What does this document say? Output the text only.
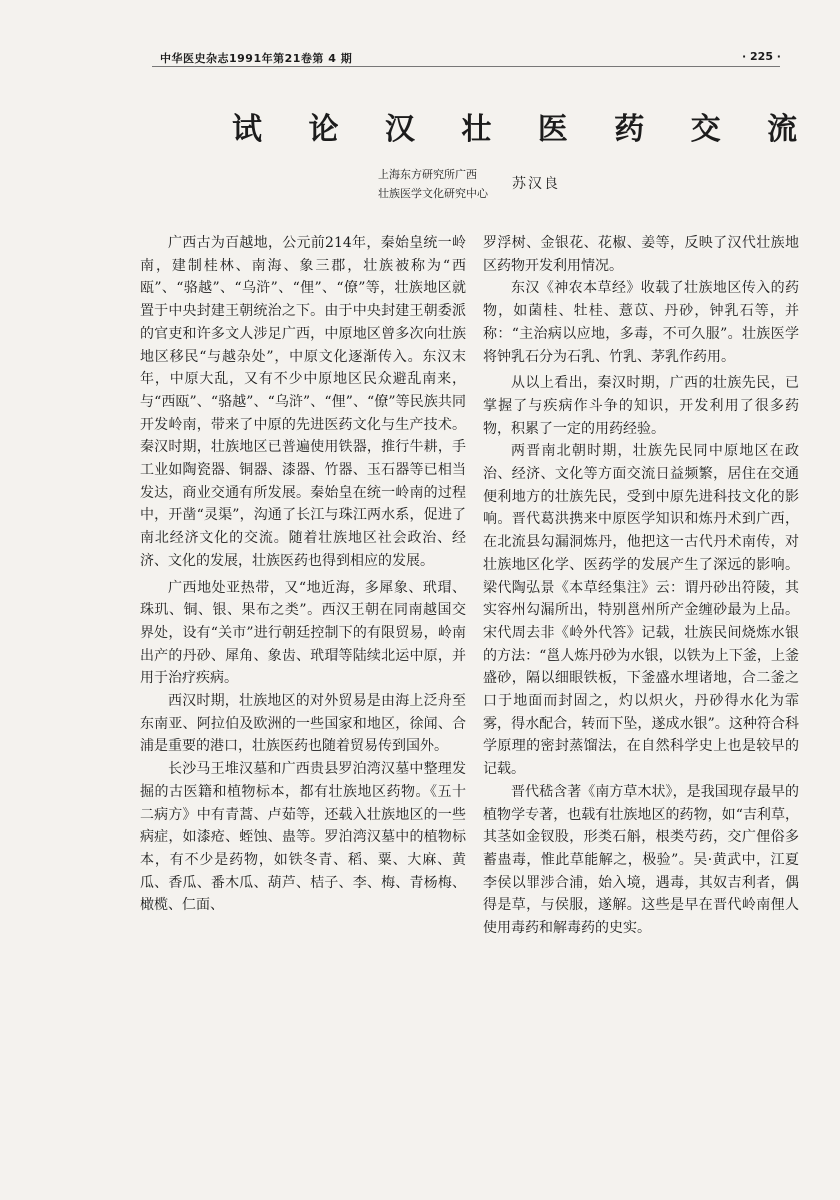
中华医史杂志1991年第21卷第 4 期	· 225 ·
试 论 汉 壮 医 药 交 流
上海东方研究所广西
壮族医学文化研究中心
苏汉良

广西古为百越地，公元前214年，秦始皇统一岭南，建制桂林、南海、象三郡，壮族被称为“西瓯”、“骆越”、“乌浒”、“俚”、“僚”等，壮族地区就置于中央封建王朝统治之下。由于中央封建王朝委派的官吏和许多文人涉足广西，中原地区曾多次向壮族地区移民“与越杂处”，中原文化逐渐传入。东汉末年，中原大乱，又有不少中原地区民众避乱南来，与“西瓯”、“骆越”、“乌浒”、“俚”、“僚”等民族共同开发岭南，带来了中原的先进医药文化与生产技术。秦汉时期，壮族地区已普遍使用铁器，推行牛耕，手工业如陶瓷器、铜器、漆器、竹器、玉石器等已相当发达，商业交通有所发展。秦始皇在统一岭南的过程中，开凿“灵渠”，沟通了长江与珠江两水系，促进了南北经济文化的交流。随着壮族地区社会政治、经济、文化的发展，壮族医药也得到相应的发展。

广西地处亚热带，又“地近海，多犀象、玳瑁、珠玑、铜、银、果布之类”。西汉王朝在同南越国交界处，设有“关市”进行朝廷控制下的有限贸易，岭南出产的丹砂、犀角、象齿、玳瑁等陆续北运中原，并用于治疗疾病。

西汉时期，壮族地区的对外贸易是由海上泛舟至东南亚、阿拉伯及欧洲的一些国家和地区，徐闻、合浦是重要的港口，壮族医药也随着贸易传到国外。

长沙马王堆汉墓和广西贵县罗泊湾汉墓中整理发掘的古医籍和植物标本，都有壮族地区药物。《五十二病方》中有青蒿、卢茹等，还载入壮族地区的一些病症，如漆疮、蛭蚀、蛊等。罗泊湾汉墓中的植物标本，有不少是药物，如铁冬青、稻、粟、大麻、黄瓜、香瓜、番木瓜、葫芦、桔子、李、梅、青杨梅、橄榄、仁面、

罗浮树、金银花、花椒、姜等，反映了汉代壮族地区药物开发利用情况。

东汉《神农本草经》收载了壮族地区传入的药物，如菌桂、牡桂、薏苡、丹砂，钟乳石等，并称：“主治病以应地，多毒，不可久服”。壮族医学将钟乳石分为石乳、竹乳、茅乳作药用。

从以上看出，秦汉时期，广西的壮族先民，已掌握了与疾病作斗争的知识，开发利用了很多药物，积累了一定的用药经验。

两晋南北朝时期，壮族先民同中原地区在政治、经济、文化等方面交流日益频繁，居住在交通便利地方的壮族先民，受到中原先进科技文化的影响。晋代葛洪携来中原医学知识和炼丹术到广西，在北流县勾漏洞炼丹，他把这一古代丹术南传，对壮族地区化学、医药学的发展产生了深远的影响。梁代陶弘景《本草经集注》云：谓丹砂出符陵，其实容州勾漏所出，特别邕州所产金缠砂最为上品。宋代周去非《岭外代答》记载，壮族民间烧炼水银的方法：“邕人炼丹砂为水银，以铁为上下釜，上釜盛砂，隔以细眼铁板，下釜盛水埋诸地，合二釜之口于地面而封固之，灼以炽火，丹砂得水化为霏雾，得水配合，转而下坠，遂成水银”。这种符合科学原理的密封蒸馏法，在自然科学史上也是较早的记载。

晋代嵇含著《南方草木状》，是我国现存最早的植物学专著，也载有壮族地区的药物，如“吉利草，其茎如金钗股，形类石斛，根类芍药，交广俚俗多蓄蛊毒，惟此草能解之，极验”。吴·黄武中，江夏李侯以罪涉合浦，始入境，遇毒，其奴吉利者，偶得是草，与侯服，遂解。这些是早在晋代岭南俚人使用毒药和解毒药的史实。
